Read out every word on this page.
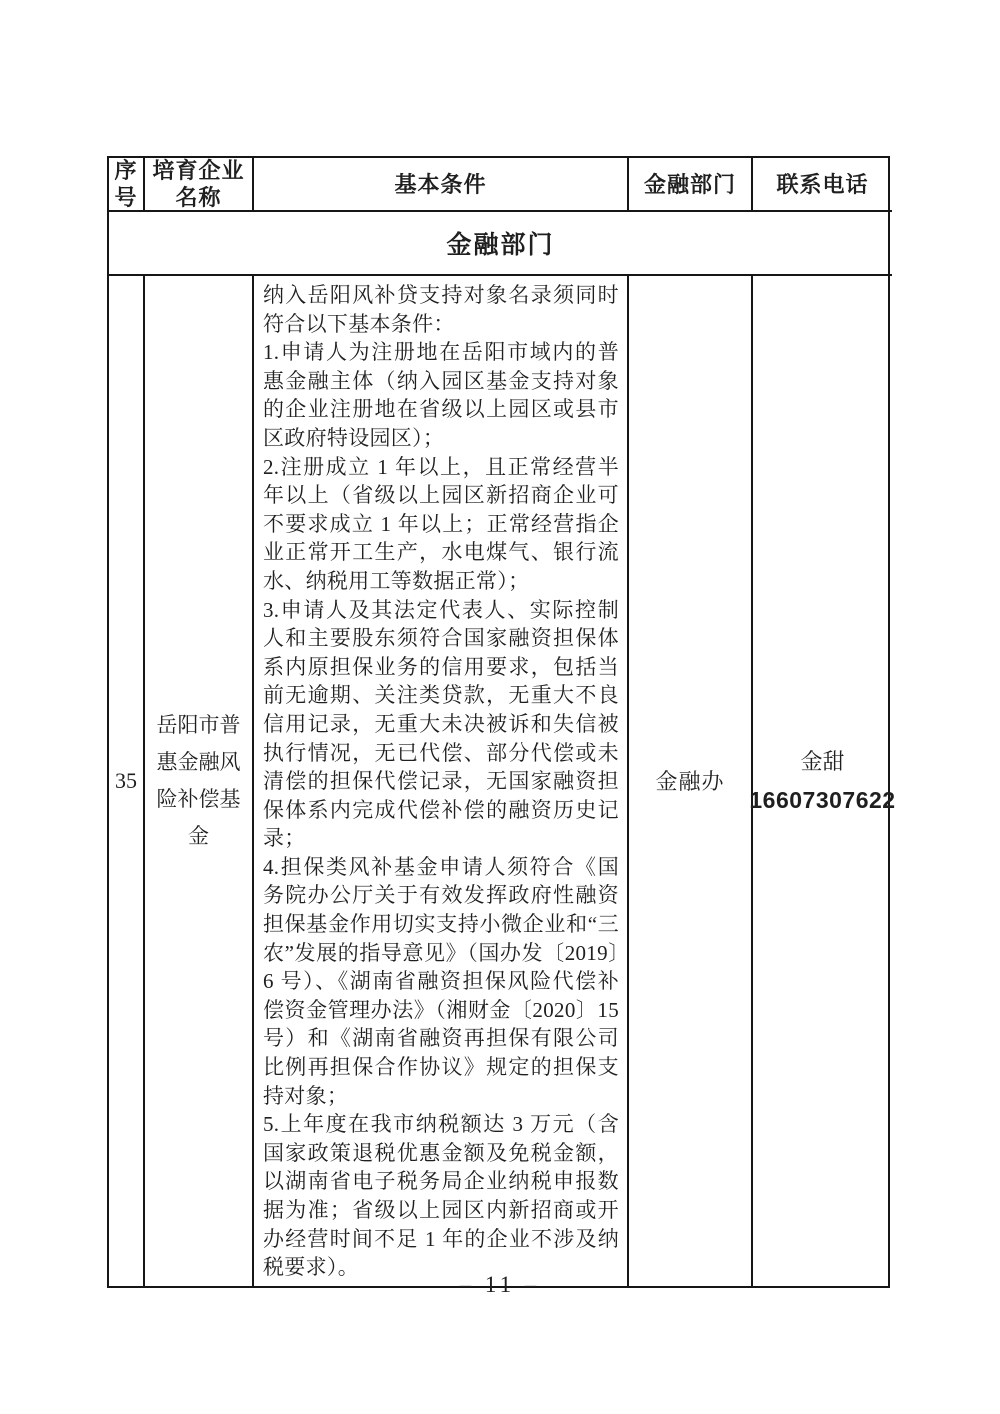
序号
培育企业名称
基本条件	金融部门	联系电话
金融部门
35
岳阳市普惠金融风险补偿基金
纳入岳阳风补贷支持对象名录须同时符合以下基本条件：
1.申请人为注册地在岳阳市域内的普惠金融主体（纳入园区基金支持对象的企业注册地在省级以上园区或县市区政府特设园区）；
2.注册成立 1 年以上，且正常经营半年以上（省级以上园区新招商企业可不要求成立 1 年以上；正常经营指企业正常开工生产，水电煤气、银行流水、纳税用工等数据正常）；
3.申请人及其法定代表人、实际控制人和主要股东须符合国家融资担保体系内原担保业务的信用要求，包括当前无逾期、关注类贷款，无重大不良信用记录，无重大未决被诉和失信被执行情况，无已代偿、部分代偿或未清偿的担保代偿记录，无国家融资担保体系内完成代偿补偿的融资历史记录；
4.担保类风补基金申请人须符合《国务院办公厅关于有效发挥政府性融资担保基金作用切实支持小微企业和“三农”发展的指导意见》（国办发〔2019〕6 号）、《湖南省融资担保风险代偿补偿资金管理办法》（湘财金〔2020〕15 号）和《湖南省融资再担保有限公司比例再担保合作协议》规定的担保支持对象；
5.上年度在我市纳税额达 3 万元（含国家政策退税优惠金额及免税金额，以湖南省电子税务局企业纳税申报数据为准；省级以上园区内新招商或开办经营时间不足 1 年的企业不涉及纳税要求）。
金融办
金甜
16607307622
– 11 –
